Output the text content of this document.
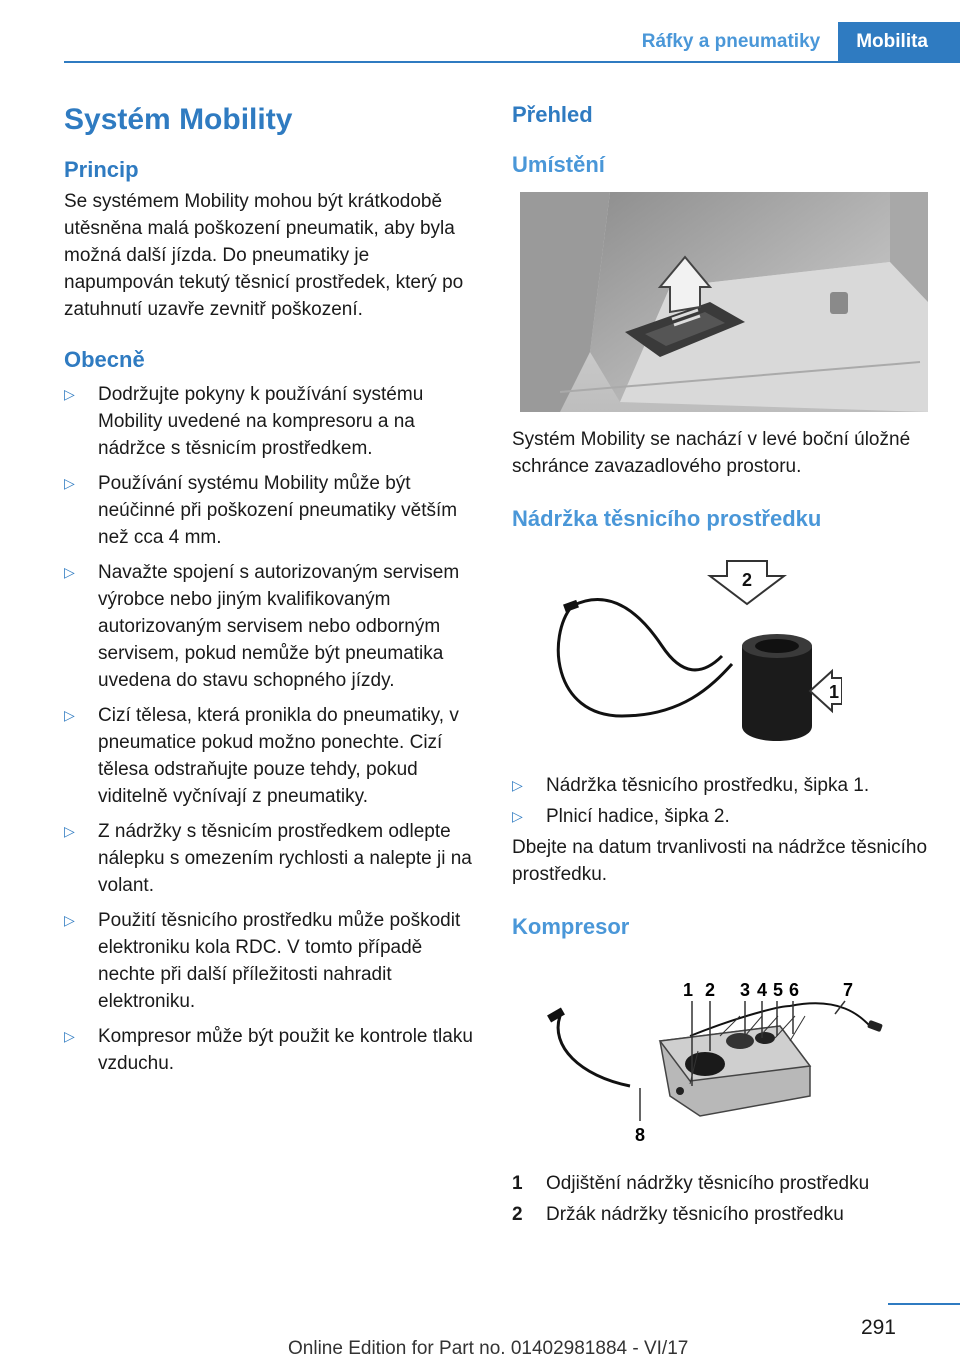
Ráfky a pneumatiky	Mobilita
Systém Mobility
Princip

Se systémem Mobility mohou být krátkodobě utěsněna malá poškození pneumatik, aby byla možná další jízda. Do pneumatiky je napumpován tekutý těsnicí prostředek, který po zatuhnutí uzavře zevnitř poškození.

Obecně
▷ Dodržujte pokyny k používání systému Mobility uvedené na kompresoru a na nádržce s těsnicím prostředkem.
▷ Používání systému Mobility může být neúčinné při poškození pneumatiky větším než cca 4 mm.
▷ Navažte spojení s autorizovaným servisem výrobce nebo jiným kvalifikovaným autorizovaným servisem nebo odborným servisem, pokud nemůže být pneumatika uvedena do stavu schopného jízdy.
▷ Cizí tělesa, která pronikla do pneumatiky, v pneumatice pokud možno ponechte. Cizí tělesa odstraňujte pouze tehdy, pokud viditelně vyčnívají z pneumatiky.
▷ Z nádržky s těsnicím prostředkem odlepte nálepku s omezením rychlosti a nalepte ji na volant.
▷ Použití těsnicího prostředku může poškodit elektroniku kola RDC. V tomto případě nechte při další příležitosti nahradit elektroniku.
▷ Kompresor může být použit ke kontrole tlaku vzduchu.
Přehled
Umístění

Systém Mobility se nachází v levé boční úložné schránce zavazadlového prostoru.

Nádržka těsnicího prostředku
2
1
▷ Nádržka těsnicího prostředku, šipka 1.
▷ Plnicí hadice, šipka 2.

Dbejte na datum trvanlivosti na nádržce těsnicího prostředku.

Kompresor
1 2 3 4 5 6 7
8
1 Odjištění nádržky těsnicího prostředku
2 Držák nádržky těsnicího prostředku
291
Online Edition for Part no. 01402981884 - VI/17
